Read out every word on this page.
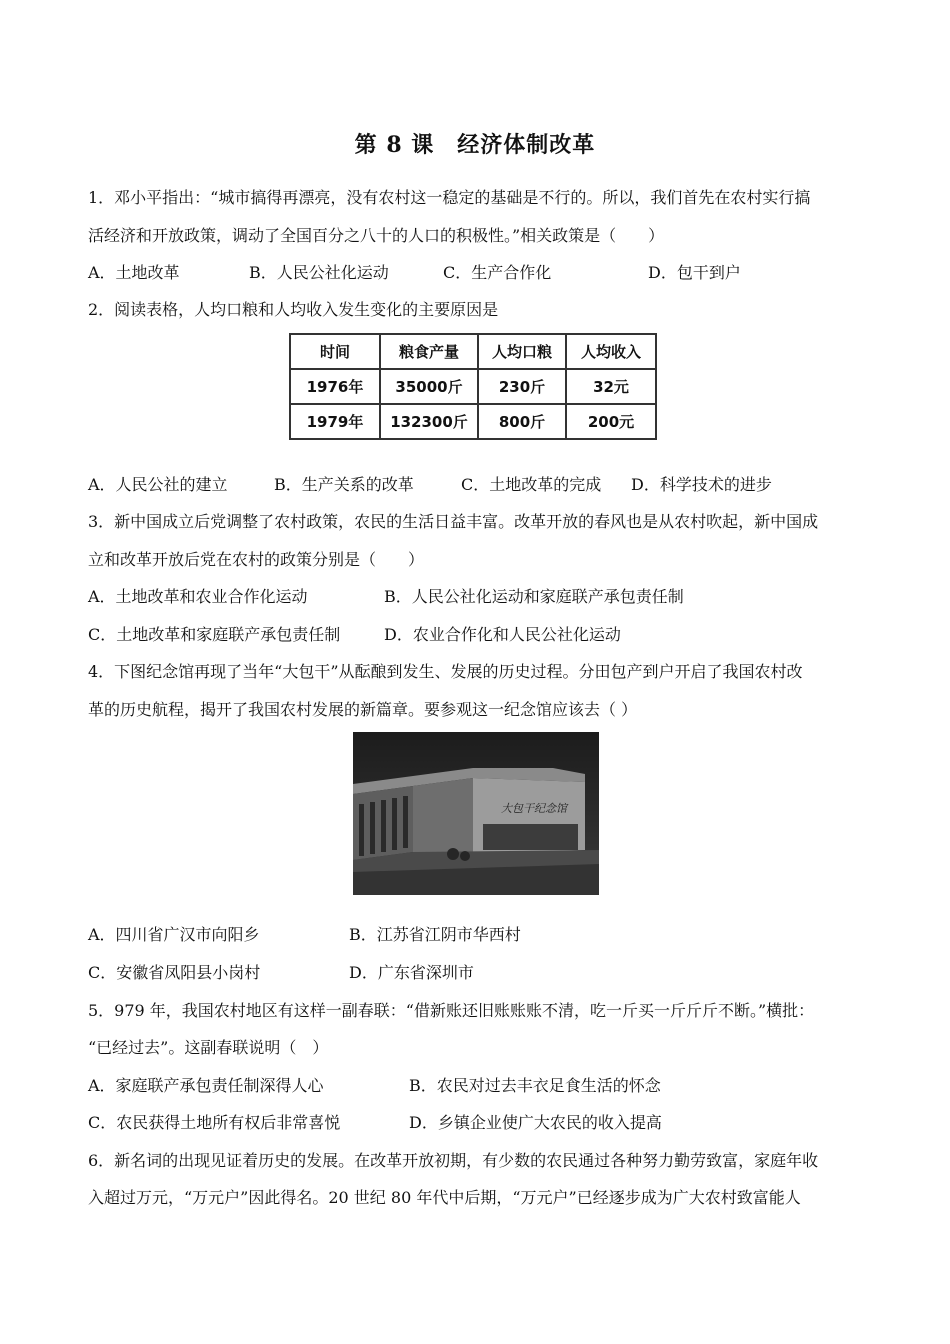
第 8 课　经济体制改革
1．邓小平指出：“城市搞得再漂亮，没有农村这一稳定的基础是不行的。所以，我们首先在农村实行搞
活经济和开放政策，调动了全国百分之八十的人口的积极性。”相关政策是（　　）
A．土地改革	B．人民公社化运动	C．生产合作化	D．包干到户
2．阅读表格，人均口粮和人均收入发生变化的主要原因是
时间	粮食产量	人均口粮	人均收入
1976年	35000斤	230斤	32元
1979年	132300斤	800斤	200元
A．人民公社的建立	B．生产关系的改革	C．土地改革的完成 D．科学技术的进步
3．新中国成立后党调整了农村政策，农民的生活日益丰富。改革开放的春风也是从农村吹起，新中国成
立和改革开放后党在农村的政策分别是（　　）
A．土地改革和农业合作化运动	B．人民公社化运动和家庭联产承包责任制
C．土地改革和家庭联产承包责任制	D．农业合作化和人民公社化运动
4．下图纪念馆再现了当年“大包干”从酝酿到发生、发展的历史过程。分田包产到户开启了我国农村改
革的历史航程，揭开了我国农村发展的新篇章。要参观这一纪念馆应该去（ ）
大包干纪念馆
A．四川省广汉市向阳乡	B．江苏省江阴市华西村
C．安徽省凤阳县小岗村	D．广东省深圳市
5．979 年，我国农村地区有这样一副春联：“借新账还旧账账账不清，吃一斤买一斤斤斤不断。”横批：
“已经过去”。这副春联说明（　）
A．家庭联产承包责任制深得人心	B．农民对过去丰衣足食生活的怀念
C．农民获得土地所有权后非常喜悦	D．乡镇企业使广大农民的收入提高
6．新名词的出现见证着历史的发展。在改革开放初期，有少数的农民通过各种努力勤劳致富，家庭年收
入超过万元，“万元户”因此得名。20 世纪 80 年代中后期，“万元户”已经逐步成为广大农村致富能人
